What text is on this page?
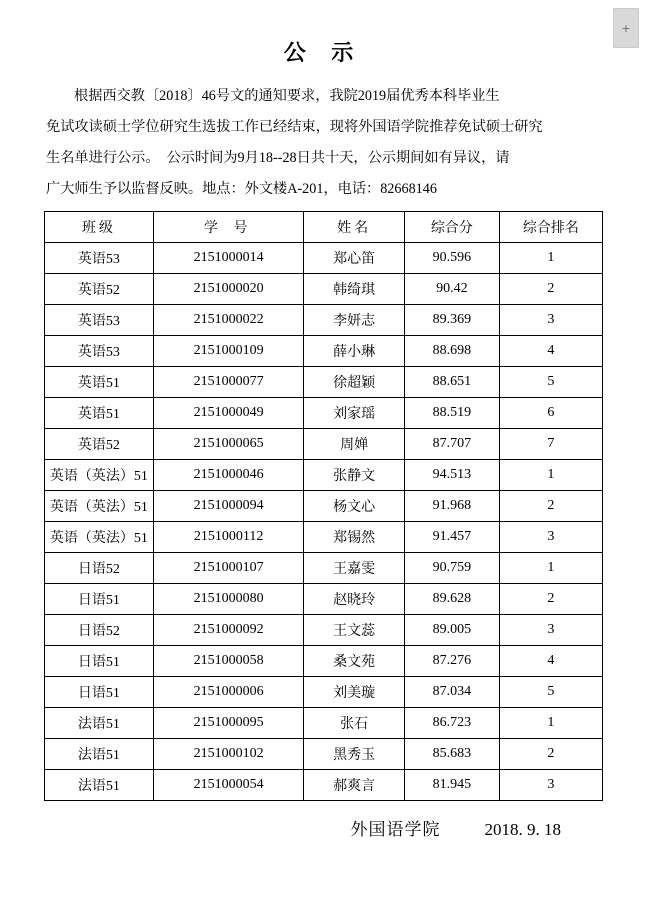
+
公 示

根据西交教〔2018〕46号文的通知要求，我院2019届优秀本科毕业生

免试攻读硕士学位研究生选拔工作已经结束，现将外国语学院推荐免试硕士研究

生名单进行公示。  公示时间为9月18--28日共十天，公示期间如有异议，请

广大师生予以监督反映。地点：外文楼A-201，电话：82668146

班级	学 号	姓名	综合分	综合排名
英语53	2151000014	郑心笛	90.596	1
英语52	2151000020	韩绮琪	90.42	2
英语53	2151000022	李妍志	89.369	3
英语53	2151000109	薛小琳	88.698	4
英语51	2151000077	徐超颖	88.651	5
英语51	2151000049	刘家瑶	88.519	6
英语52	2151000065	周婵	87.707	7
英语（英法）51	2151000046	张静文	94.513	1
英语（英法）51	2151000094	杨文心	91.968	2
英语（英法）51	2151000112	郑锡然	91.457	3
日语52	2151000107	王嘉雯	90.759	1
日语51	2151000080	赵晓玲	89.628	2
日语52	2151000092	王文蕊	89.005	3
日语51	2151000058	桑文苑	87.276	4
日语51	2151000006	刘美璇	87.034	5
法语51	2151000095	张石	86.723	1
法语51	2151000102	黑秀玉	85.683	2
法语51	2151000054	郝爽言	81.945	3
外国语学院	2018. 9. 18
